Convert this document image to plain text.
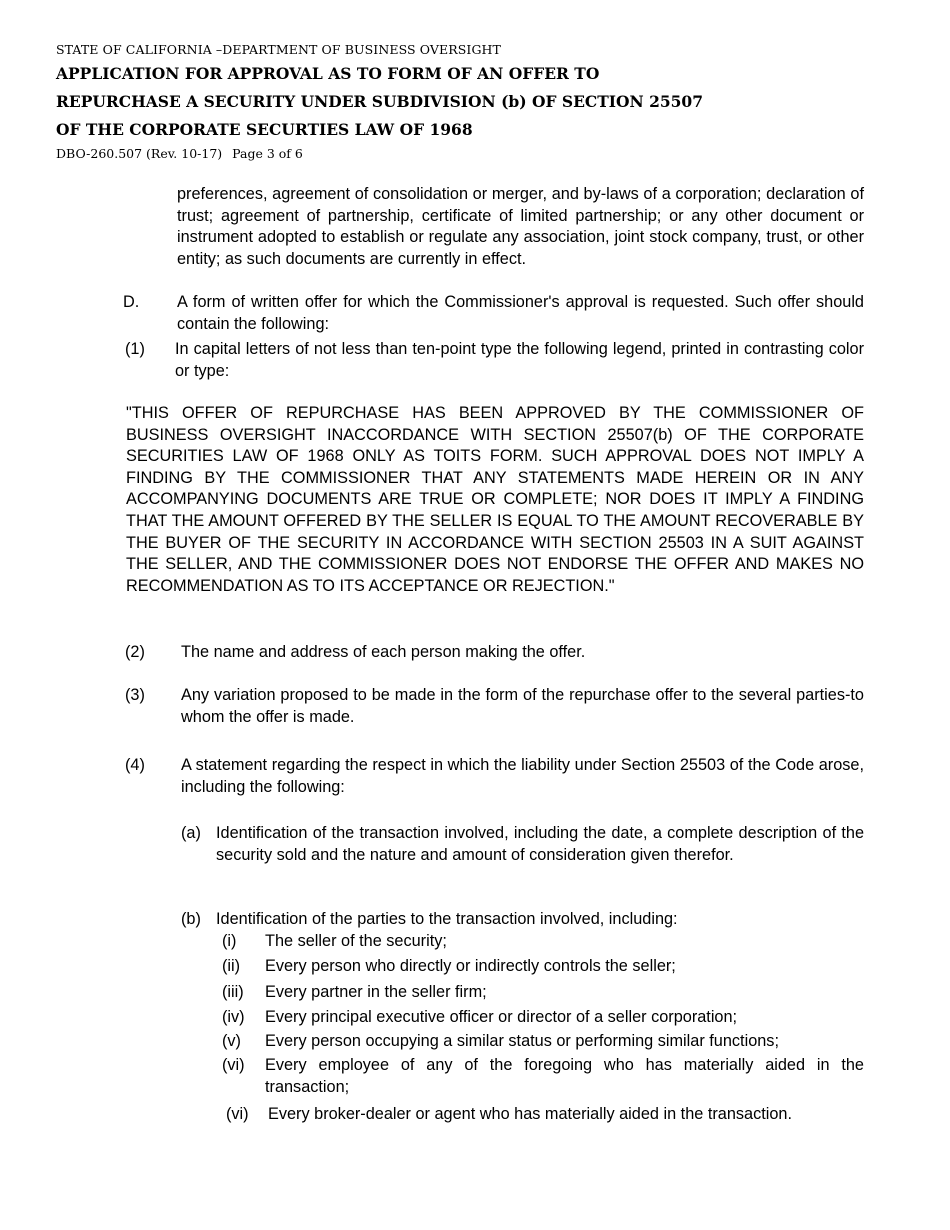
STATE OF CALIFORNIA –DEPARTMENT OF BUSINESS OVERSIGHT
APPLICATION FOR APPROVAL AS TO FORM OF AN OFFER TO
REPURCHASE A SECURITY UNDER SUBDIVISION (b) OF SECTION 25507
OF THE CORPORATE SECURTIES LAW OF 1968
DBO-260.507 (Rev. 10-17) Page 3 of 6

preferences, agreement of consolidation or merger, and by-laws of a corporation; declaration of trust; agreement of partnership, certificate of limited partnership; or any other document or instrument adopted to establish or regulate any association, joint stock company, trust, or other entity; as such documents are currently in effect.

D. A form of written offer for which the Commissioner's approval is requested. Such offer should contain the following:

(1) In capital letters of not less than ten-point type the following legend, printed in contrasting color or type:

"THIS OFFER OF REPURCHASE HAS BEEN APPROVED BY THE COMMISSIONER OF BUSINESS OVERSIGHT INACCORDANCE WITH SECTION 25507(b) OF THE CORPORATE SECURITIES LAW OF 1968 ONLY AS TOITS FORM. SUCH APPROVAL DOES NOT IMPLY A FINDING BY THE COMMISSIONER THAT ANY STATEMENTS MADE HEREIN OR IN ANY ACCOMPANYING DOCUMENTS ARE TRUE OR COMPLETE; NOR DOES IT IMPLY A FINDING THAT THE AMOUNT OFFERED BY THE SELLER IS EQUAL TO THE AMOUNT RECOVERABLE BY THE BUYER OF THE SECURITY IN ACCORDANCE WITH SECTION 25503 IN A SUIT AGAINST THE SELLER, AND THE COMMISSIONER DOES NOT ENDORSE THE OFFER AND MAKES NO RECOMMENDATION AS TO ITS ACCEPTANCE OR REJECTION."

(2) The name and address of each person making the offer.

(3) Any variation proposed to be made in the form of the repurchase offer to the several parties-to whom the offer is made.

(4) A statement regarding the respect in which the liability under Section 25503 of the Code arose, including the following:

(a) Identification of the transaction involved, including the date, a complete description of the security sold and the nature and amount of consideration given therefor.

(b) Identification of the parties to the transaction involved, including:

(i) The seller of the security;
(ii) Every person who directly or indirectly controls the seller;
(iii) Every partner in the seller firm;
(iv) Every principal executive officer or director of a seller corporation;
(v) Every person occupying a similar status or performing similar functions;
(vi) Every employee of any of the foregoing who has materially aided in the transaction;
(vi) Every broker-dealer or agent who has materially aided in the transaction.
